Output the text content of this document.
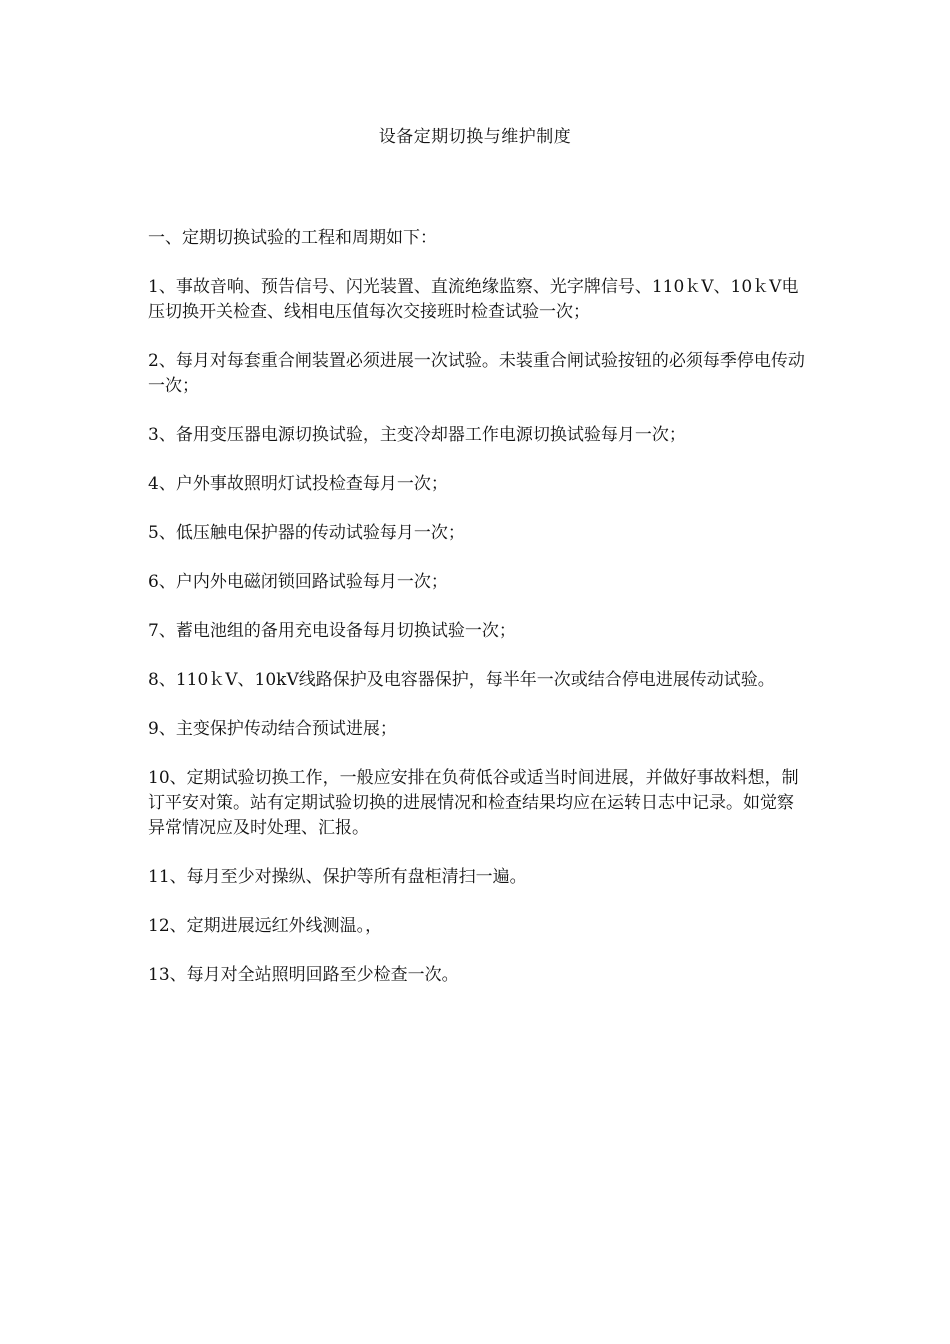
设备定期切换与维护制度

一、定期切换试验的工程和周期如下：

1、事故音响、预告信号、闪光装置、直流绝缘监察、光字牌信号、110ｋV、10ｋV电压切换开关检查、线相电压值每次交接班时检查试验一次；

2、每月对每套重合闸装置必须进展一次试验。未装重合闸试验按钮的必须每季停电传动一次；

3、备用变压器电源切换试验，主变冷却器工作电源切换试验每月一次；

4、户外事故照明灯试投检查每月一次；

5、低压触电保护器的传动试验每月一次；

6、户内外电磁闭锁回路试验每月一次；

7、蓄电池组的备用充电设备每月切换试验一次；

8、110ｋV、10kV线路保护及电容器保护，每半年一次或结合停电进展传动试验。

9、主变保护传动结合预试进展；

10、定期试验切换工作，一般应安排在负荷低谷或适当时间进展，并做好事故料想，制订平安对策。站有定期试验切换的进展情况和检查结果均应在运转日志中记录。如觉察异常情况应及时处理、汇报。

11、每月至少对操纵、保护等所有盘柜清扫一遍。

12、定期进展远红外线测温。，

13、每月对全站照明回路至少检查一次。
